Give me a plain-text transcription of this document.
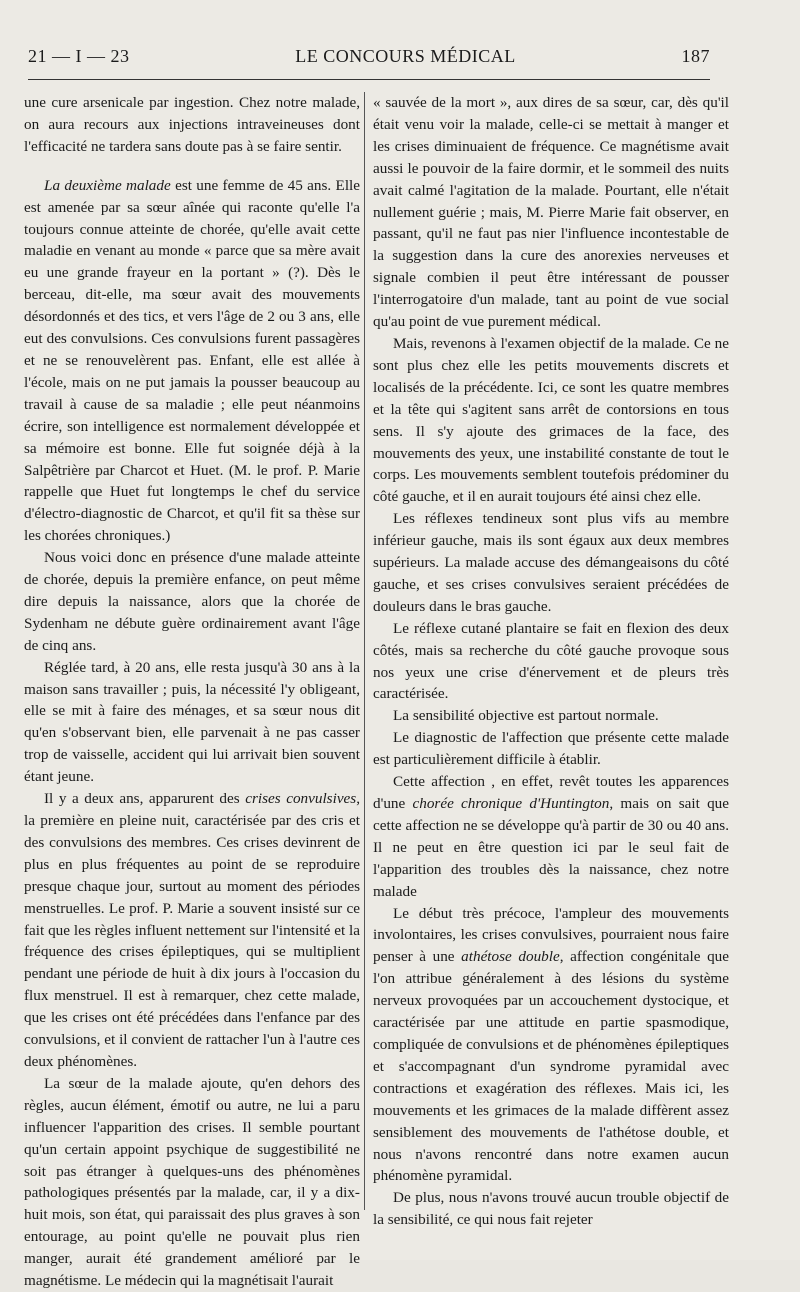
21 — I — 23	LE CONCOURS MÉDICAL	187

une cure arsenicale par ingestion. Chez notre malade, on aura recours aux injections intraveineuses dont l'efficacité ne tardera sans doute pas à se faire sentir.

La deuxième malade est une femme de 45 ans. Elle est amenée par sa sœur aînée qui raconte qu'elle l'a toujours connue atteinte de chorée, qu'elle avait cette maladie en venant au monde « parce que sa mère avait eu une grande frayeur en la portant » (?). Dès le berceau, dit-elle, ma sœur avait des mouvements désordonnés et des tics, et vers l'âge de 2 ou 3 ans, elle eut des convulsions. Ces convulsions furent passagères et ne se renouvelèrent pas. Enfant, elle est allée à l'école, mais on ne put jamais la pousser beaucoup au travail à cause de sa maladie ; elle peut néanmoins écrire, son intelligence est normalement développée et sa mémoire est bonne. Elle fut soignée déjà à la Salpêtrière par Charcot et Huet. (M. le prof. P. Marie rappelle que Huet fut longtemps le chef du service d'électro-diagnostic de Charcot, et qu'il fit sa thèse sur les chorées chroniques.)

Nous voici donc en présence d'une malade atteinte de chorée, depuis la première enfance, on peut même dire depuis la naissance, alors que la chorée de Sydenham ne débute guère ordinairement avant l'âge de cinq ans.

Réglée tard, à 20 ans, elle resta jusqu'à 30 ans à la maison sans travailler ; puis, la nécessité l'y obligeant, elle se mit à faire des ménages, et sa sœur nous dit qu'en s'observant bien, elle parvenait à ne pas casser trop de vaisselle, accident qui lui arrivait bien souvent étant jeune.

Il y a deux ans, apparurent des crises convulsives, la première en pleine nuit, caractérisée par des cris et des convulsions des membres. Ces crises devinrent de plus en plus fréquentes au point de se reproduire presque chaque jour, surtout au moment des périodes menstruelles. Le prof. P. Marie a souvent insisté sur ce fait que les règles influent nettement sur l'intensité et la fréquence des crises épileptiques, qui se multiplient pendant une période de huit à dix jours à l'occasion du flux menstruel. Il est à remarquer, chez cette malade, que les crises ont été précédées dans l'enfance par des convulsions, et il convient de rattacher l'un à l'autre ces deux phénomènes.

La sœur de la malade ajoute, qu'en dehors des règles, aucun élément, émotif ou autre, ne lui a paru influencer l'apparition des crises. Il semble pourtant qu'un certain appoint psychique de suggestibilité ne soit pas étranger à quelques-uns des phénomènes pathologiques présentés par la malade, car, il y a dix-huit mois, son état, qui paraissait des plus graves à son entourage, au point qu'elle ne pouvait plus rien manger, aurait été grandement amélioré par le magnétisme. Le médecin qui la magnétisait l'aurait

« sauvée de la mort », aux dires de sa sœur, car, dès qu'il était venu voir la malade, celle-ci se mettait à manger et les crises diminuaient de fréquence. Ce magnétisme avait aussi le pouvoir de la faire dormir, et le sommeil des nuits avait calmé l'agitation de la malade. Pourtant, elle n'était nullement guérie ; mais, M. Pierre Marie fait observer, en passant, qu'il ne faut pas nier l'influence incontestable de la suggestion dans la cure des anorexies nerveuses et signale combien il peut être intéressant de pousser l'interrogatoire d'un malade, tant au point de vue social qu'au point de vue purement médical.

Mais, revenons à l'examen objectif de la malade. Ce ne sont plus chez elle les petits mouvements discrets et localisés de la précédente. Ici, ce sont les quatre membres et la tête qui s'agitent sans arrêt de contorsions en tous sens. Il s'y ajoute des grimaces de la face, des mouvements des yeux, une instabilité constante de tout le corps. Les mouvements semblent toutefois prédominer du côté gauche, et il en aurait toujours été ainsi chez elle.

Les réflexes tendineux sont plus vifs au membre inférieur gauche, mais ils sont égaux aux deux membres supérieurs. La malade accuse des démangeaisons du côté gauche, et ses crises convulsives seraient précédées de douleurs dans le bras gauche.

Le réflexe cutané plantaire se fait en flexion des deux côtés, mais sa recherche du côté gauche provoque sous nos yeux une crise d'énervement et de pleurs très caractérisée.

La sensibilité objective est partout normale.

Le diagnostic de l'affection que présente cette malade est particulièrement difficile à établir.

Cette affection , en effet, revêt toutes les apparences d'une chorée chronique d'Huntington, mais on sait que cette affection ne se développe qu'à partir de 30 ou 40 ans. Il ne peut en être question ici par le seul fait de l'apparition des troubles dès la naissance, chez notre malade

Le début très précoce, l'ampleur des mouvements involontaires, les crises convulsives, pourraient nous faire penser à une athétose double, affection congénitale que l'on attribue généralement à des lésions du système nerveux provoquées par un accouchement dystocique, et caractérisée par une attitude en partie spasmodique, compliquée de convulsions et de phénomènes épileptiques et s'accompagnant d'un syndrome pyramidal avec contractions et exagération des réflexes. Mais ici, les mouvements et les grimaces de la malade diffèrent assez sensiblement des mouvements de l'athétose double, et nous n'avons rencontré dans notre examen aucun phénomène pyramidal.

De plus, nous n'avons trouvé aucun trouble objectif de la sensibilité, ce qui nous fait rejeter
